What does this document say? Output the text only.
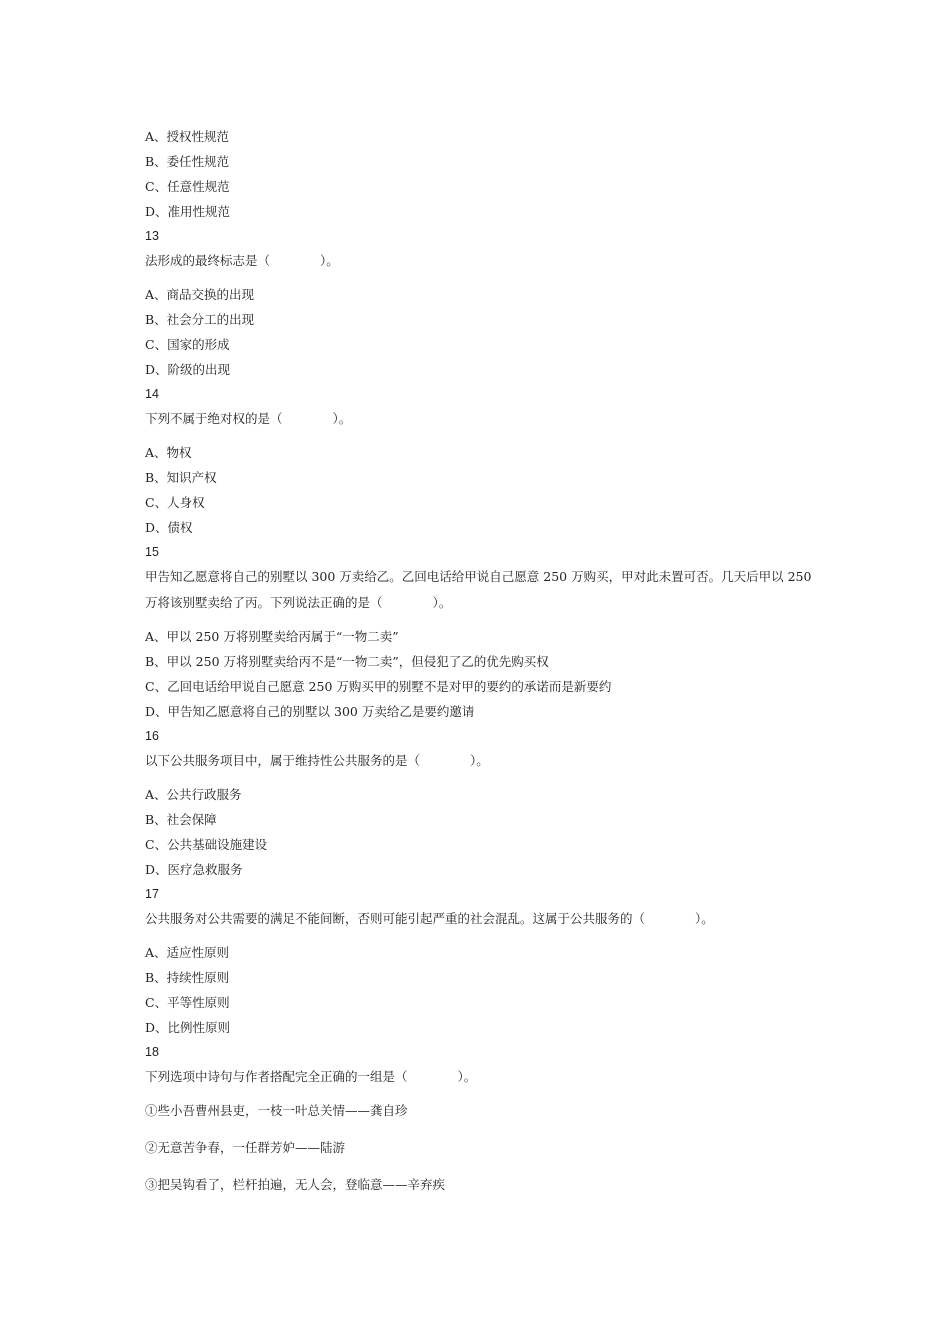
A、授权性规范
B、委任性规范
C、任意性规范
D、准用性规范
13
法形成的最终标志是（　　　　）。
A、商品交换的出现
B、社会分工的出现
C、国家的形成
D、阶级的出现
14
下列不属于绝对权的是（　　　　）。
A、物权
B、知识产权
C、人身权
D、债权
15
甲告知乙愿意将自己的别墅以 300 万卖给乙。乙回电话给甲说自己愿意 250 万购买，甲对此未置可否。几天后甲以 250
万将该别墅卖给了丙。下列说法正确的是（　　　　）。
A、甲以 250 万将别墅卖给丙属于“一物二卖”
B、甲以 250 万将别墅卖给丙不是“一物二卖”，但侵犯了乙的优先购买权
C、乙回电话给甲说自己愿意 250 万购买甲的别墅不是对甲的要约的承诺而是新要约
D、甲告知乙愿意将自己的别墅以 300 万卖给乙是要约邀请
16
以下公共服务项目中，属于维持性公共服务的是（　　　　）。
A、公共行政服务
B、社会保障
C、公共基础设施建设
D、医疗急救服务
17
公共服务对公共需要的满足不能间断，否则可能引起严重的社会混乱。这属于公共服务的（　　　　）。
A、适应性原则
B、持续性原则
C、平等性原则
D、比例性原则
18
下列选项中诗句与作者搭配完全正确的一组是（　　　　）。
①些小吾曹州县吏，一枝一叶总关情——龚自珍
②无意苦争春，一任群芳妒——陆游
③把吴钩看了，栏杆拍遍，无人会，登临意——辛弃疾
